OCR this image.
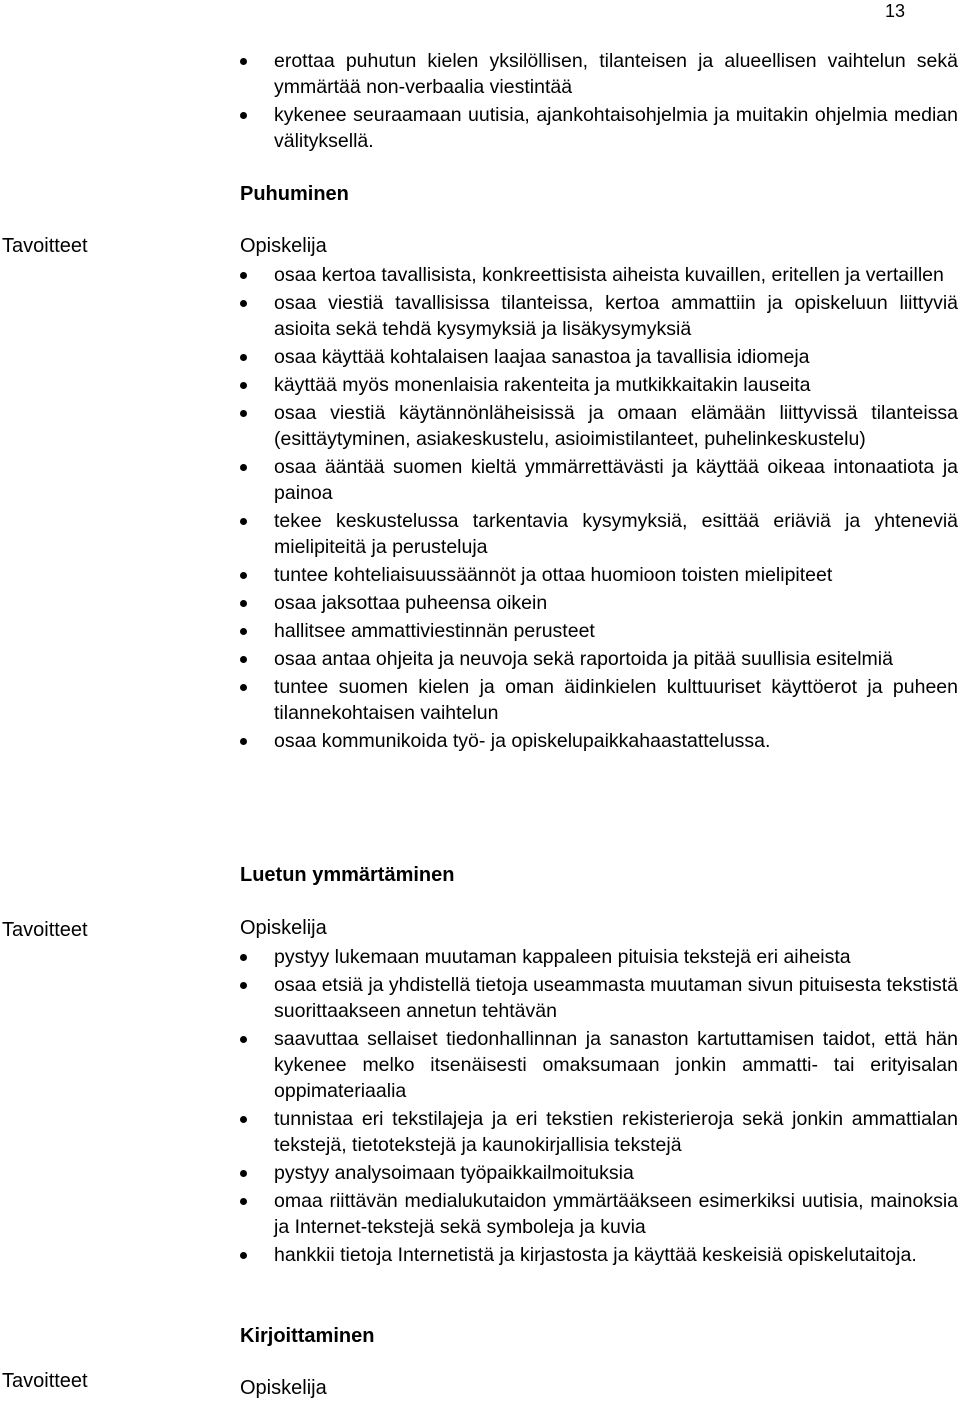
13
erottaa puhutun kielen yksilöllisen, tilanteisen ja alueellisen vaihtelun sekä ymmärtää non-verbaalia viestintää
kykenee seuraamaan uutisia, ajankohtaisohjelmia ja muitakin ohjelmia median välityksellä.
Puhuminen
Tavoitteet	Opiskelija
osaa kertoa tavallisista, konkreettisista aiheista kuvaillen, eritellen ja vertaillen
osaa viestiä tavallisissa tilanteissa, kertoa ammattiin ja opiskeluun liittyviä asioita sekä tehdä kysymyksiä ja lisäkysymyksiä
osaa käyttää kohtalaisen laajaa sanastoa ja tavallisia idiomeja
käyttää myös monenlaisia rakenteita ja mutkikkaitakin lauseita
osaa viestiä käytännönläheisissä ja omaan elämään liittyvissä tilanteissa (esittäytyminen, asiakeskustelu, asioimistilanteet, puhelinkeskustelu)
osaa ääntää suomen kieltä ymmärrettävästi ja käyttää oikeaa intonaatiota ja painoa
tekee keskustelussa tarkentavia kysymyksiä, esittää eriäviä ja yhteneviä mielipiteitä ja perusteluja
tuntee kohteliaisuussäännöt ja ottaa huomioon toisten mielipiteet
osaa jaksottaa puheensa oikein
hallitsee ammattiviestinnän perusteet
osaa antaa ohjeita ja neuvoja sekä raportoida ja pitää suullisia esitelmiä
tuntee suomen kielen ja oman äidinkielen kulttuuriset käyttöerot ja puheen tilannekohtaisen vaihtelun
osaa kommunikoida työ- ja opiskelupaikkahaastattelussa.
Luetun ymmärtäminen
Tavoitteet	Opiskelija
pystyy lukemaan muutaman kappaleen pituisia tekstejä eri aiheista
osaa etsiä ja yhdistellä tietoja useammasta muutaman sivun pituisesta tekstistä suorittaakseen annetun tehtävän
saavuttaa sellaiset tiedonhallinnan ja sanaston kartuttamisen taidot, että hän kykenee melko itsenäisesti omaksumaan jonkin ammatti- tai erityisalan oppimateriaalia
tunnistaa eri tekstilajeja ja eri tekstien rekisterieroja sekä jonkin ammattialan tekstejä, tietotekstejä ja kaunokirjallisia tekstejä
pystyy analysoimaan työpaikkailmoituksia
omaa riittävän medialukutaidon ymmärtääkseen esimerkiksi uutisia, mainoksia ja Internet-tekstejä sekä symboleja ja kuvia
hankkii tietoja Internetistä ja kirjastosta ja käyttää keskeisiä opiskelutaitoja.
Kirjoittaminen
Tavoitteet	Opiskelija
